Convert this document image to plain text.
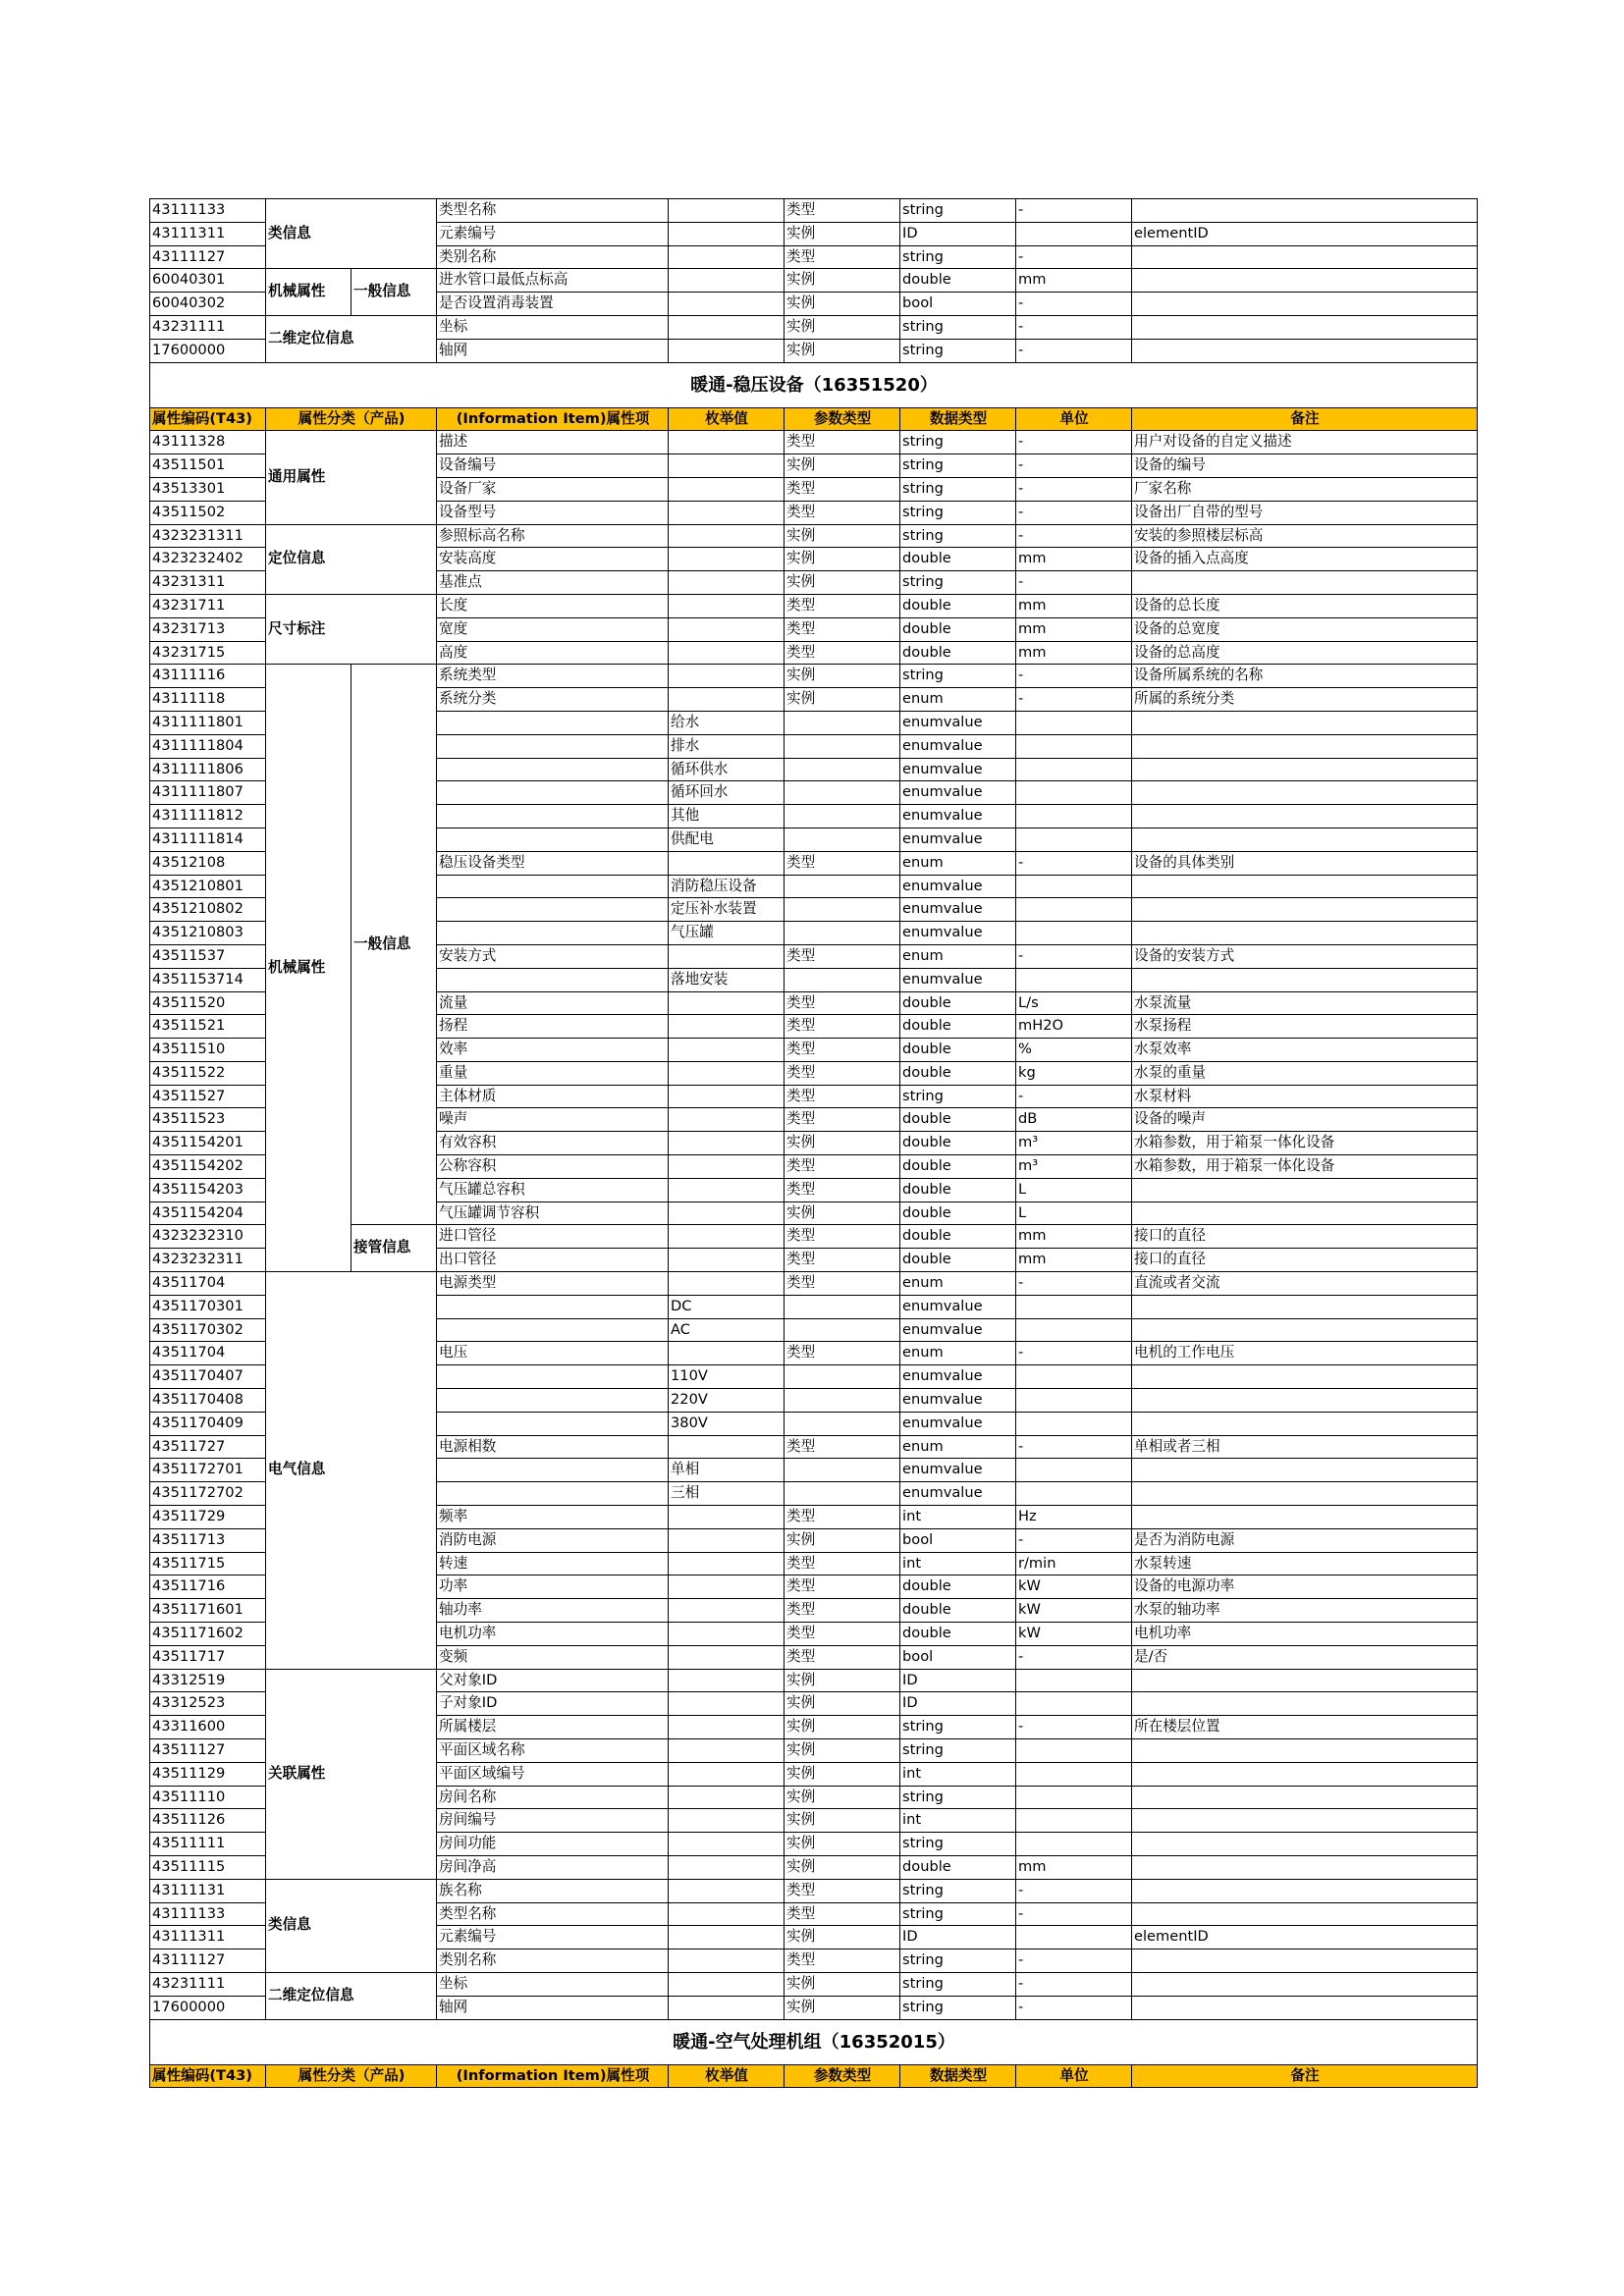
43111133	类信息		类型名称		类型	string	-	
43111311			元素编号		实例	ID		elementID
43111127			类别名称		类型	string	-	
60040301	机械属性	一般信息	进水管口最低点标高		实例	double	mm	
60040302			是否设置消毒装置		实例	bool	-	
43231111	二维定位信息		坐标		实例	string	-	
17600000			轴网		实例	string	-	
暖通-稳压设备（16351520）								
属性编码(T43)	属性分类（产品)		(Information Item)属性项	枚举值	参数类型	数据类型	单位	备注
43111328	通用属性		描述		类型	string	-	用户对设备的自定义描述
43511501			设备编号		实例	string	-	设备的编号
43513301			设备厂家		类型	string	-	厂家名称
43511502			设备型号		类型	string	-	设备出厂自带的型号
4323231311	定位信息		参照标高名称		实例	string	-	安装的参照楼层标高
4323232402			安装高度		实例	double	mm	设备的插入点高度
43231311			基准点		实例	string	-	
43231711	尺寸标注		长度		类型	double	mm	设备的总长度
43231713			宽度		类型	double	mm	设备的总宽度
43231715			高度		类型	double	mm	设备的总高度
43111116	机械属性	一般信息	系统类型		实例	string	-	设备所属系统的名称
43111118			系统分类		实例	enum	-	所属的系统分类
4311111801				给水		enumvalue		
4311111804				排水		enumvalue		
4311111806				循环供水		enumvalue		
4311111807				循环回水		enumvalue		
4311111812				其他		enumvalue		
4311111814				供配电		enumvalue		
43512108			稳压设备类型		类型	enum	-	设备的具体类别
4351210801				消防稳压设备		enumvalue		
4351210802				定压补水装置		enumvalue		
4351210803				气压罐		enumvalue		
43511537			安装方式		类型	enum	-	设备的安装方式
4351153714				落地安装		enumvalue		
43511520			流量		类型	double	L/s	水泵流量
43511521			扬程		类型	double	mH2O	水泵扬程
43511510			效率		类型	double	%	水泵效率
43511522			重量		类型	double	kg	水泵的重量
43511527			主体材质		类型	string	-	水泵材料
43511523			噪声		类型	double	dB	设备的噪声
4351154201			有效容积		实例	double	m³	水箱参数，用于箱泵一体化设备
4351154202			公称容积		类型	double	m³	水箱参数，用于箱泵一体化设备
4351154203			气压罐总容积		类型	double	L	
4351154204			气压罐调节容积		实例	double	L	
4323232310		接管信息	进口管径		类型	double	mm	接口的直径
4323232311			出口管径		类型	double	mm	接口的直径
43511704	电气信息		电源类型		类型	enum	-	直流或者交流
4351170301				DC		enumvalue		
4351170302				AC		enumvalue		
43511704			电压		类型	enum	-	电机的工作电压
4351170407				110V		enumvalue		
4351170408				220V		enumvalue		
4351170409				380V		enumvalue		
43511727			电源相数		类型	enum	-	单相或者三相
4351172701				单相		enumvalue		
4351172702				三相		enumvalue		
43511729			频率		类型	int	Hz	
43511713			消防电源		实例	bool	-	是否为消防电源
43511715			转速		类型	int	r/min	水泵转速
43511716			功率		类型	double	kW	设备的电源功率
4351171601			轴功率		类型	double	kW	水泵的轴功率
4351171602			电机功率		类型	double	kW	电机功率
43511717			变频		类型	bool	-	是/否
43312519	关联属性		父对象ID		实例	ID		
43312523			子对象ID		实例	ID		
43311600			所属楼层		实例	string	-	所在楼层位置
43511127			平面区域名称		实例	string		
43511129			平面区域编号		实例	int		
43511110			房间名称		实例	string		
43511126			房间编号		实例	int		
43511111			房间功能		实例	string		
43511115			房间净高		实例	double	mm	
43111131	类信息		族名称		类型	string	-	
43111133			类型名称		类型	string	-	
43111311			元素编号		实例	ID		elementID
43111127			类别名称		类型	string	-	
43231111	二维定位信息		坐标		实例	string	-	
17600000			轴网		实例	string	-	
暖通-空气处理机组（16352015）								
属性编码(T43)	属性分类（产品)		(Information Item)属性项	枚举值	参数类型	数据类型	单位	备注
